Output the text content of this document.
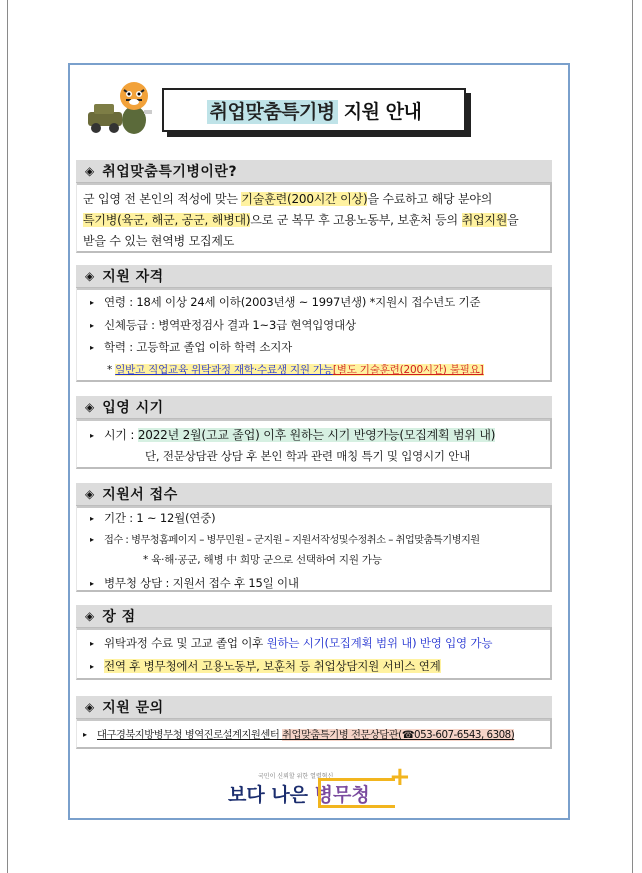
취업맞춤특기병 지원 안내
◈ 취업맞춤특기병이란?
군 입영 전 본인의 적성에 맞는 기술훈련(200시간 이상)을 수료하고 해당 분야의
특기병(육군, 해군, 공군, 해병대)으로 군 복무 후 고용노동부, 보훈처 등의 취업지원을
받을 수 있는 현역병 모집제도
◈ 지원 자격
▸ 연령 : 18세 이상 24세 이하(2003년생 ~ 1997년생) *지원시 접수년도 기준
▸ 신체등급 : 병역판정검사 결과 1~3급 현역입영대상
▸ 학력 : 고등학교 졸업 이하 학력 소지자
* 일반고 직업교육 위탁과정 재학·수료생 지원 가능[별도 기술훈련(200시간) 불필요]
◈ 입영 시기
▸ 시기 : 2022년 2월(고교 졸업) 이후 원하는 시기 반영가능(모집계획 범위 내)
단, 전문상담관 상담 후 본인 학과 관련 매칭 특기 및 입영시기 안내
◈ 지원서 접수
▸ 기간 : 1 ~ 12월(연중)
▸ 접수 : 병무청홈페이지 – 병무민원 – 군지원 – 지원서작성및수정취소 – 취업맞춤특기병지원
* 육·해·공군, 해병 中 희망 군으로 선택하여 지원 가능
▸ 병무청 상담 : 지원서 접수 후 15일 이내
◈ 장 점
▸ 위탁과정 수료 및 고교 졸업 이후 원하는 시기(모집계획 범위 내) 반영 입영 가능
▸ 전역 후 병무청에서 고용노동부, 보훈처 등 취업상담지원 서비스 연계
◈ 지원 문의
▸ 대구경북지방병무청 병역진로설계지원센터 취업맞춤특기병 전문상담관(☎053-607-6543, 6308)
국민이 신뢰할 위한 열렬혁신
보다 나은 병무청
+
